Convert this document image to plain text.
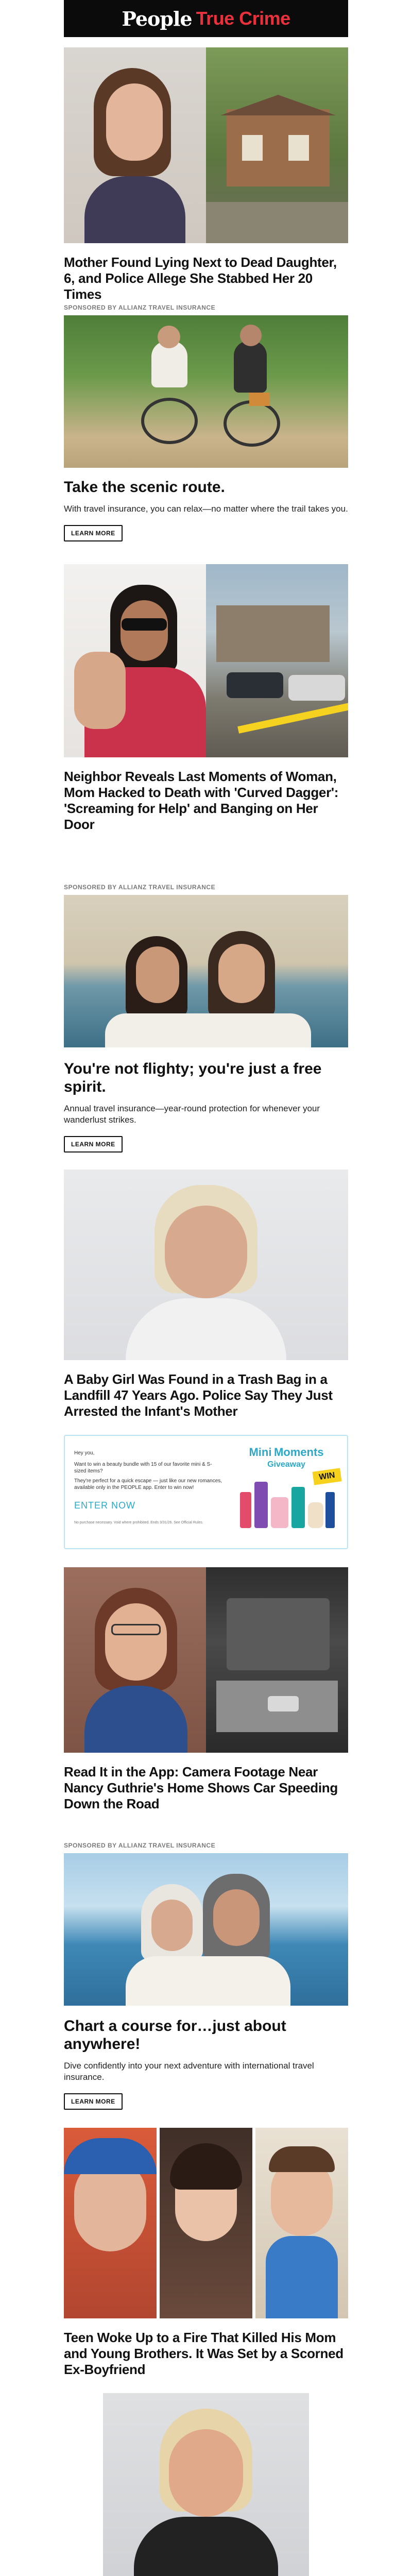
People True Crime
Mother Found Lying Next to Dead Daughter, 6, and Police Allege She Stabbed Her 20 Times
SPONSORED BY ALLIANZ TRAVEL INSURANCE
Take the scenic route.
With travel insurance, you can relax—no matter where the trail takes you.
LEARN MORE
Neighbor Reveals Last Moments of Woman, Mom Hacked to Death with 'Curved Dagger': 'Screaming for Help' and Banging on Her Door
SPONSORED BY ALLIANZ TRAVEL INSURANCE
You're not flighty; you're just a free spirit.
Annual travel insurance—year-round protection for whenever your wanderlust strikes.
LEARN MORE
A Baby Girl Was Found in a Trash Bag in a Landfill 47 Years Ago. Police Say They Just Arrested the Infant's Mother
Hey you,
Want to win a beauty bundle with 15 of our favorite mini & S-sized items?
They're perfect for a quick escape — just like our new romances, available only in the PEOPLE app. Enter to win now!
ENTER NOW
No purchase necessary. Void where prohibited. Ends 3/31/26. See Official Rules.
Mini Moments
Giveaway
WIN
Read It in the App: Camera Footage Near Nancy Guthrie's Home Shows Car Speeding Down the Road
SPONSORED BY ALLIANZ TRAVEL INSURANCE
Chart a course for…just about anywhere!
Dive confidently into your next adventure with international travel insurance.
LEARN MORE
Teen Woke Up to a Fire That Killed His Mom and Young Brothers. It Was Set by a Scorned Ex-Boyfriend
